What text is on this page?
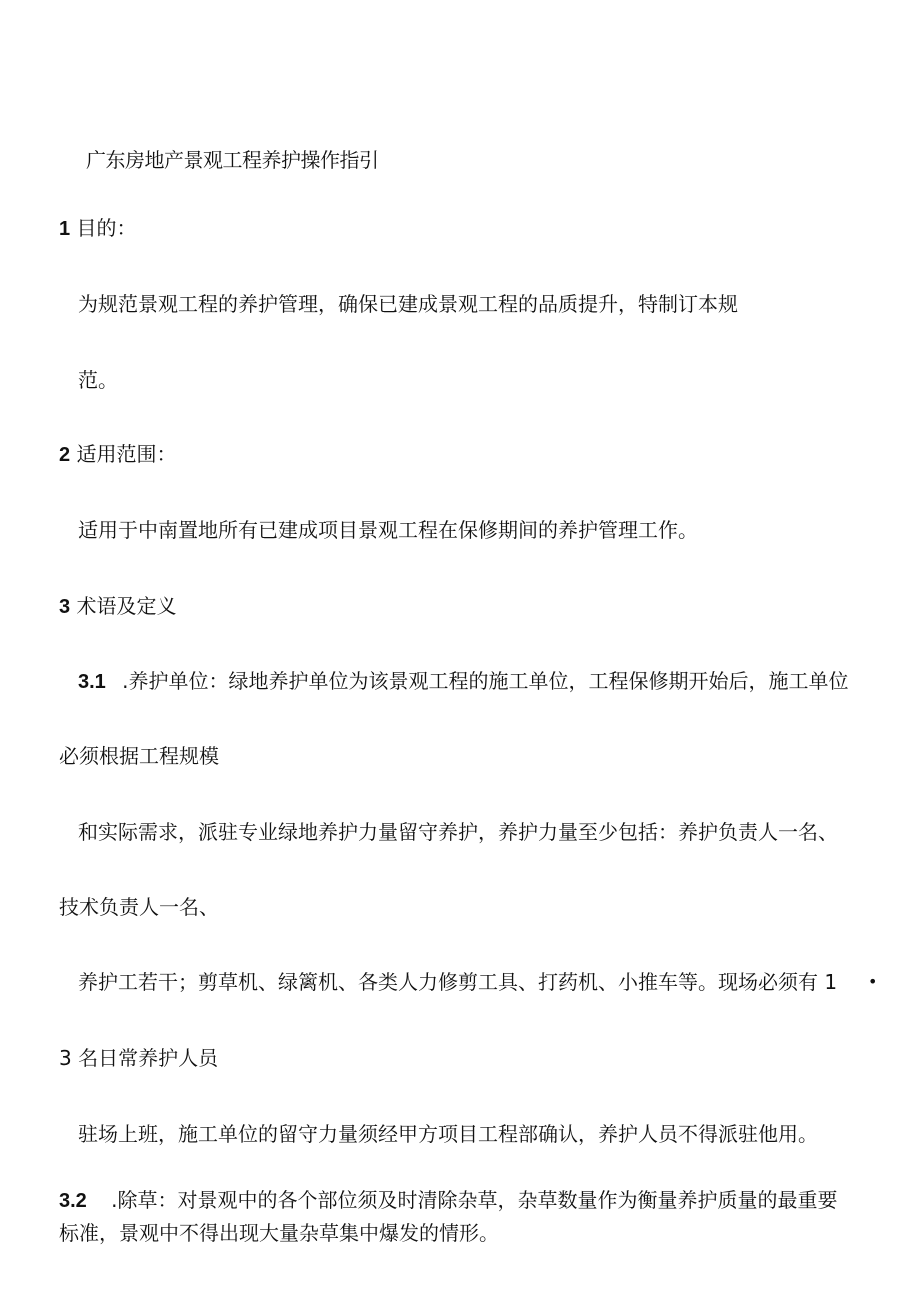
广东房地产景观工程养护操作指引
1 目的：
为规范景观工程的养护管理，确保已建成景观工程的品质提升，特制订本规
范。
2 适用范围：
适用于中南置地所有已建成项目景观工程在保修期间的养护管理工作。
3 术语及定义
3.1 .养护单位：绿地养护单位为该景观工程的施工单位，工程保修期开始后，施工单位
必须根据工程规模
和实际需求，派驻专业绿地养护力量留守养护，养护力量至少包括：养护负责人一名、
技术负责人一名、
养护工若干；剪草机、绿篱机、各类人力修剪工具、打药机、小推车等。现场必须有 1 •
3 名日常养护人员
驻场上班，施工单位的留守力量须经甲方项目工程部确认，养护人员不得派驻他用。
3.2 .除草：对景观中的各个部位须及时清除杂草，杂草数量作为衡量养护质量的最重要
标准，景观中不得出现大量杂草集中爆发的情形。
